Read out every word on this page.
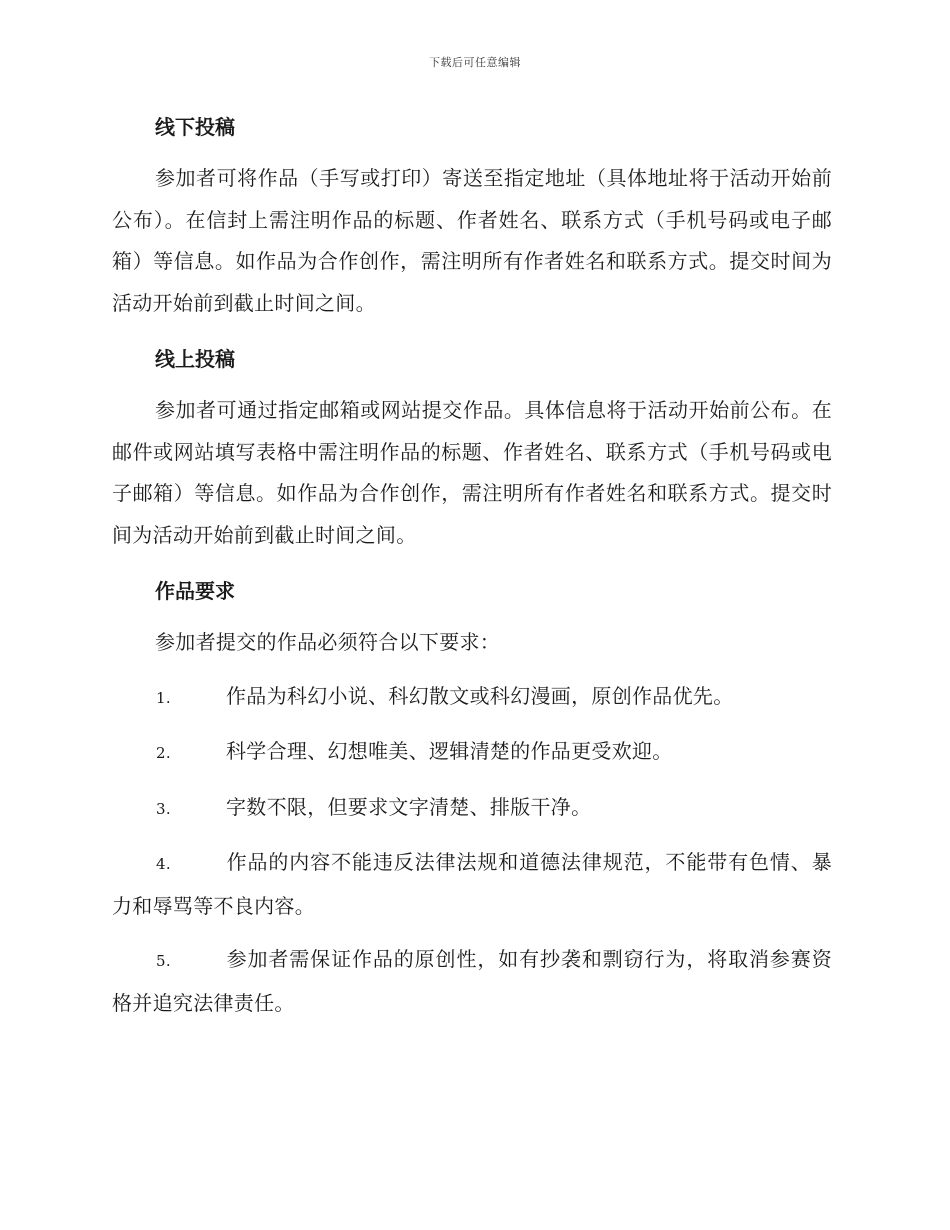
下载后可任意编辑
线下投稿

参加者可将作品（手写或打印）寄送至指定地址（具体地址将于活动开始前公布）。在信封上需注明作品的标题、作者姓名、联系方式（手机号码或电子邮箱）等信息。如作品为合作创作，需注明所有作者姓名和联系方式。提交时间为活动开始前到截止时间之间。

线上投稿

参加者可通过指定邮箱或网站提交作品。具体信息将于活动开始前公布。在邮件或网站填写表格中需注明作品的标题、作者姓名、联系方式（手机号码或电子邮箱）等信息。如作品为合作创作，需注明所有作者姓名和联系方式。提交时间为活动开始前到截止时间之间。

作品要求

参加者提交的作品必须符合以下要求：

1.	作品为科幻小说、科幻散文或科幻漫画，原创作品优先。

2.	科学合理、幻想唯美、逻辑清楚的作品更受欢迎。

3.	字数不限，但要求文字清楚、排版干净。

4.	作品的内容不能违反法律法规和道德法律规范，不能带有色情、暴力和辱骂等不良内容。

5.	参加者需保证作品的原创性，如有抄袭和剽窃行为，将取消参赛资格并追究法律责任。
